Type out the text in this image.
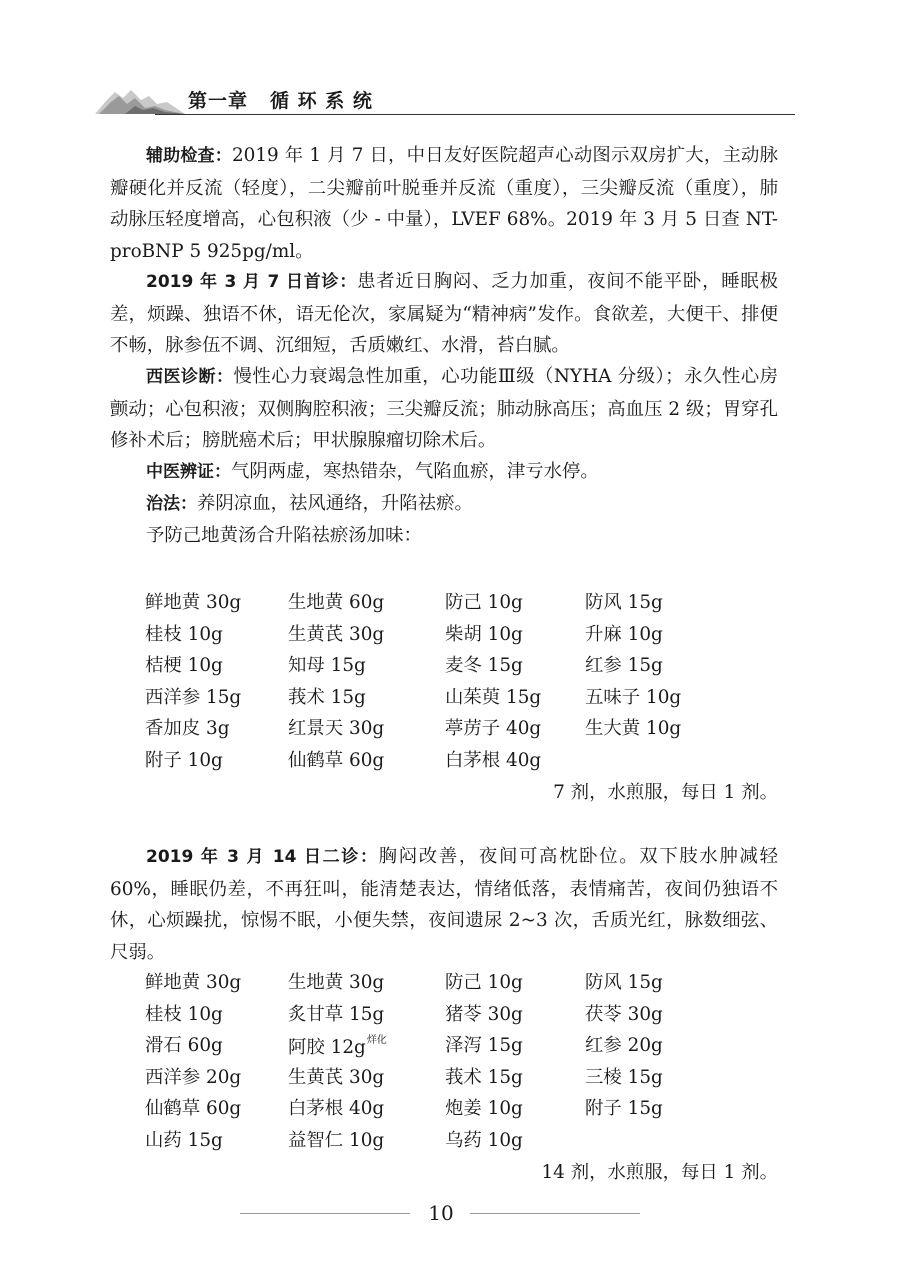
第一章 循 环 系 统

辅助检查：2019 年 1 月 7 日，中日友好医院超声心动图示双房扩大，主动脉瓣硬化并反流（轻度），二尖瓣前叶脱垂并反流（重度），三尖瓣反流（重度），肺动脉压轻度增高，心包积液（少 - 中量），LVEF 68%。2019 年 3 月 5 日查 NT-proBNP 5 925pg/ml。

2019 年 3 月 7 日首诊：患者近日胸闷、乏力加重，夜间不能平卧，睡眠极差，烦躁、独语不休，语无伦次，家属疑为“精神病”发作。食欲差，大便干、排便不畅，脉参伍不调、沉细短，舌质嫩红、水滑，苔白腻。

西医诊断：慢性心力衰竭急性加重，心功能Ⅲ级（NYHA 分级）；永久性心房颤动；心包积液；双侧胸腔积液；三尖瓣反流；肺动脉高压；高血压 2 级；胃穿孔修补术后；膀胱癌术后；甲状腺腺瘤切除术后。

中医辨证：气阴两虚，寒热错杂，气陷血瘀，津亏水停。

治法：养阴凉血，祛风通络，升陷祛瘀。

予防己地黄汤合升陷祛瘀汤加味：

鲜地黄 30g	生地黄 60g	防己 10g	防风 15g
桂枝 10g	生黄芪 30g	柴胡 10g	升麻 10g
桔梗 10g	知母 15g	麦冬 15g	红参 15g
西洋参 15g	莪术 15g	山茱萸 15g 五味子 10g
香加皮 3g	红景天 30g	葶苈子 40g 生大黄 10g
附子 10g	仙鹤草 60g	白茅根 40g
7 剂，水煎服，每日 1 剂。

2019 年 3 月 14 日二诊：胸闷改善，夜间可高枕卧位。双下肢水肿减轻 60%，睡眠仍差，不再狂叫，能清楚表达，情绪低落，表情痛苦，夜间仍独语不休，心烦躁扰，惊惕不眠，小便失禁，夜间遗尿 2~3 次，舌质光红，脉数细弦、尺弱。

鲜地黄 30g	生地黄 30g	防己 10g	防风 15g
桂枝 10g	炙甘草 15g	猪苓 30g	茯苓 30g
滑石 60g	阿胶 $12g^{烊化}$	泽泻 15g	红参 20g
西洋参 20g	生黄芪 30g	莪术 15g	三棱 15g
仙鹤草 60g	白茅根 40g	炮姜 10g	附子 15g
山药 15g	益智仁 10g	乌药 10g
14 剂，水煎服，每日 1 剂。
10
